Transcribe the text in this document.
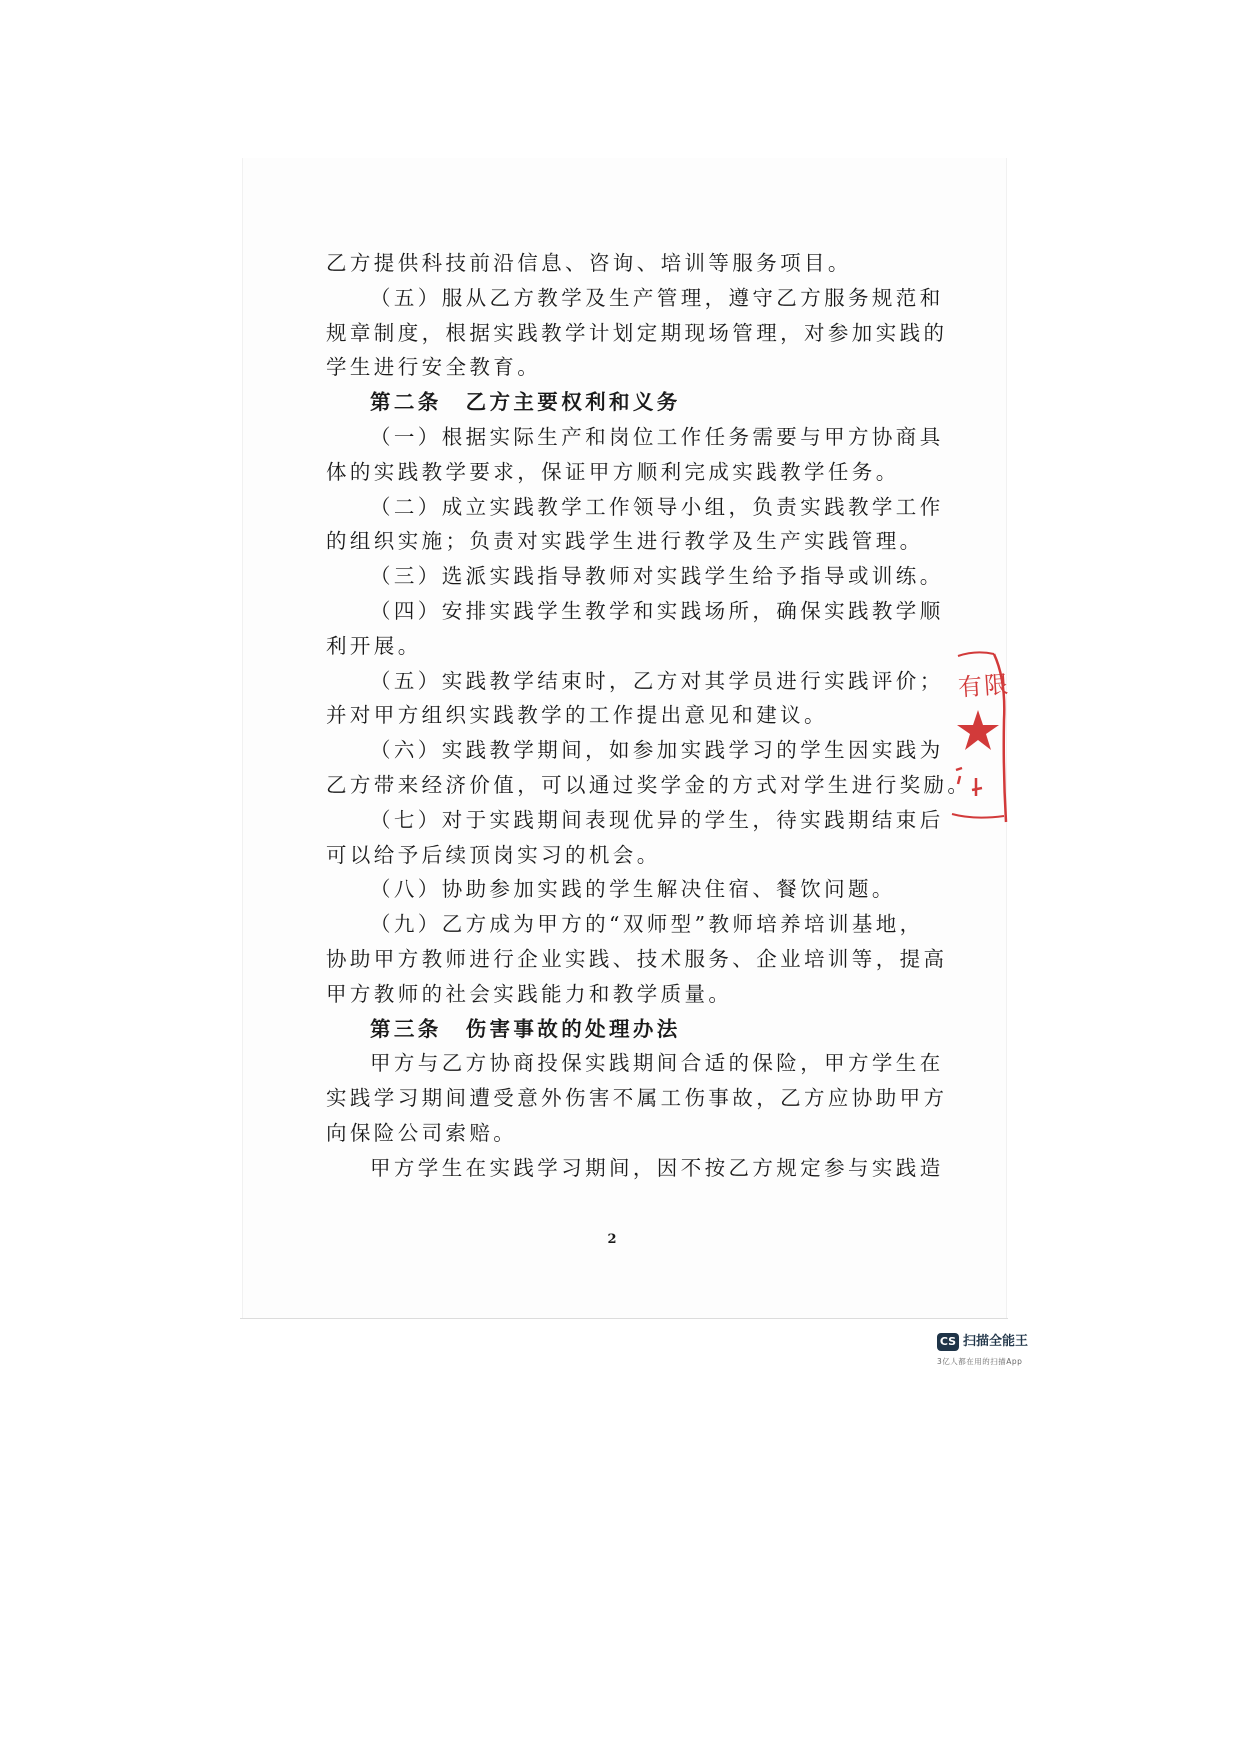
乙方提供科技前沿信息、咨询、培训等服务项目。
（五）服从乙方教学及生产管理，遵守乙方服务规范和
规章制度，根据实践教学计划定期现场管理，对参加实践的
学生进行安全教育。
第二条　乙方主要权利和义务
（一）根据实际生产和岗位工作任务需要与甲方协商具
体的实践教学要求，保证甲方顺利完成实践教学任务。
（二）成立实践教学工作领导小组，负责实践教学工作
的组织实施；负责对实践学生进行教学及生产实践管理。
（三）选派实践指导教师对实践学生给予指导或训练。
（四）安排实践学生教学和实践场所，确保实践教学顺
利开展。
（五）实践教学结束时，乙方对其学员进行实践评价；
并对甲方组织实践教学的工作提出意见和建议。
（六）实践教学期间，如参加实践学习的学生因实践为
乙方带来经济价值，可以通过奖学金的方式对学生进行奖励。
（七）对于实践期间表现优异的学生，待实践期结束后
可以给予后续顶岗实习的机会。
（八）协助参加实践的学生解决住宿、餐饮问题。
（九）乙方成为甲方的“双师型”教师培养培训基地，
协助甲方教师进行企业实践、技术服务、企业培训等，提高
甲方教师的社会实践能力和教学质量。
第三条　伤害事故的处理办法
甲方与乙方协商投保实践期间合适的保险，甲方学生在
实践学习期间遭受意外伤害不属工伤事故，乙方应协助甲方
向保险公司索赔。
甲方学生在实践学习期间，因不按乙方规定参与实践造
2
有限
CS 扫描全能王
3亿人都在用的扫描App
